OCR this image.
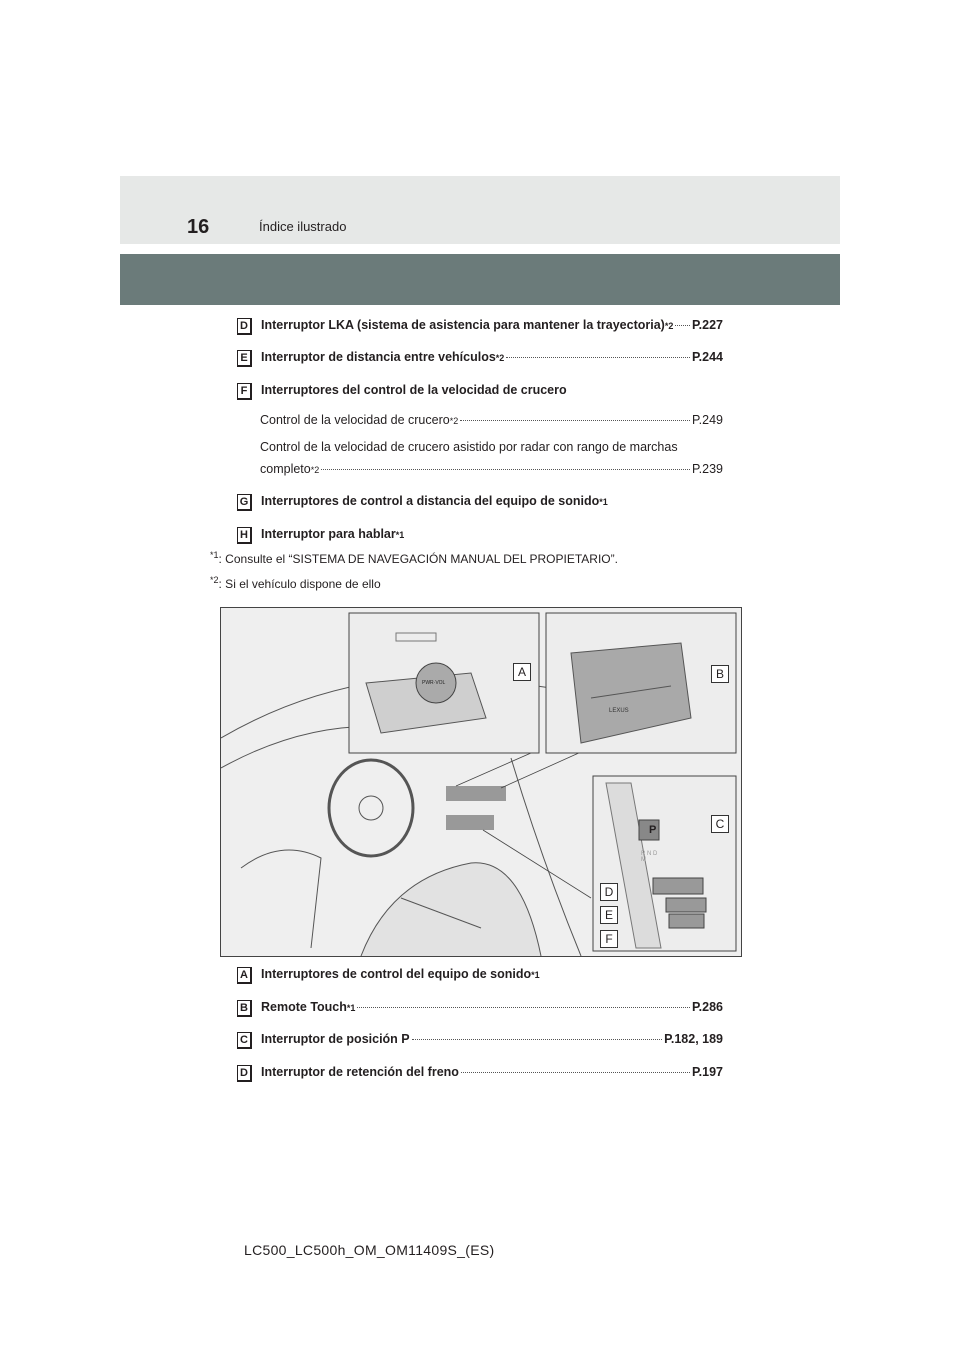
16	Índice ilustrado
D	Interruptor LKA (sistema de asistencia para mantener la trayectoria) *2 P.227
E	Interruptor de distancia entre vehículos *2	P.244
F	Interruptores del control de la velocidad de crucero
Control de la velocidad de crucero *2	P.249
Control de la velocidad de crucero asistido por radar con rango de marchas
completo *2	P.239
G Interruptores de control a distancia del equipo de sonido *1
H	Interruptor para hablar *1
$^{*1}$: Consulte el “SISTEMA DE NAVEGACIÓN MANUAL DEL PROPIETARIO”.
$^{*2}$: Si el vehículo dispone de ello
P
LEXUS
PWR·VOL
R N D M
A	B
C
D
E
F
A	Interruptores de control del equipo de sonido *1
B	Remote Touch *1	P.286
C	Interruptor de posición P	P.182, 189
D	Interruptor de retención del freno	P.197
LC500_LC500h_OM_OM11409S_(ES)
